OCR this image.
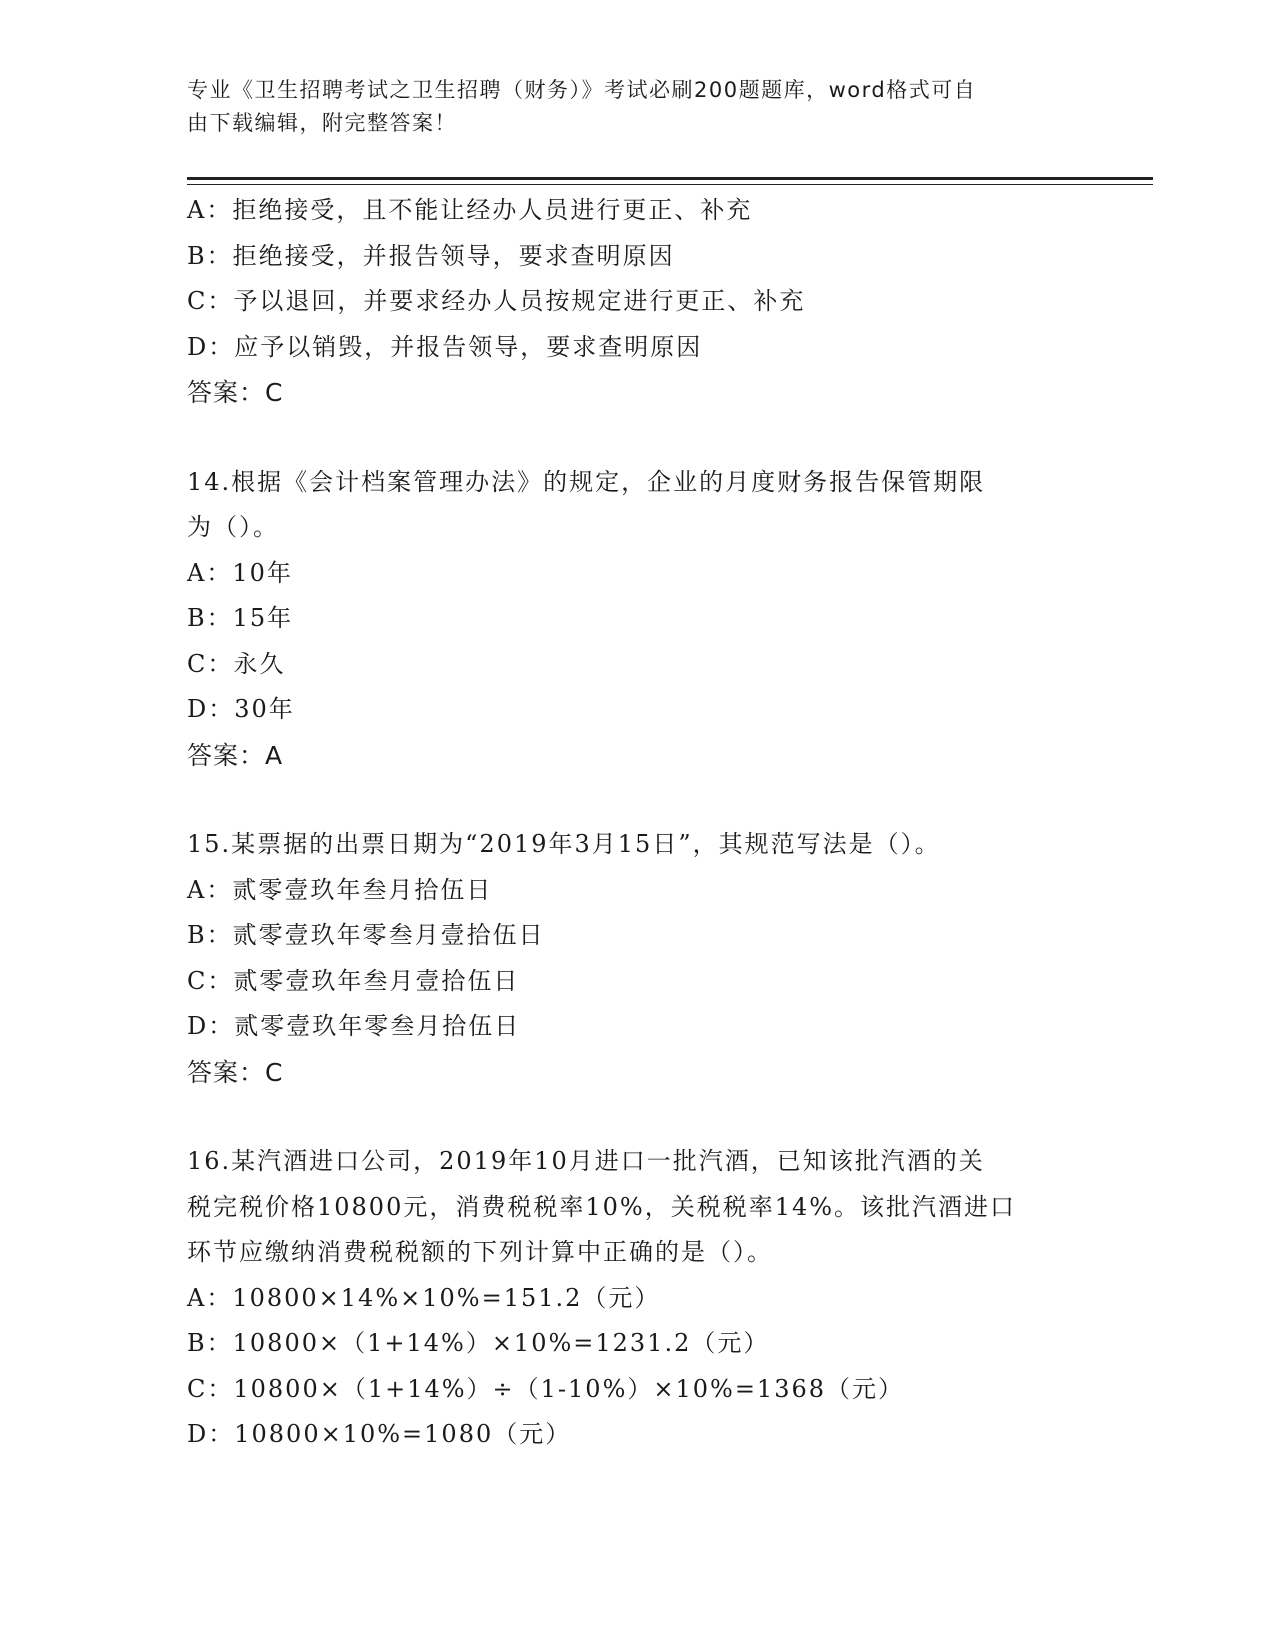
专业《卫生招聘考试之卫生招聘（财务）》考试必刷200题题库，word格式可自
由下载编辑，附完整答案！
A：拒绝接受，且不能让经办人员进行更正、补充
B：拒绝接受，并报告领导，要求查明原因
C：予以退回，并要求经办人员按规定进行更正、补充
D：应予以销毁，并报告领导，要求查明原因
答案：C
14.根据《会计档案管理办法》的规定，企业的月度财务报告保管期限
为（）。
A：10年
B：15年
C：永久
D：30年
答案：A
15.某票据的出票日期为“2019年3月15日”，其规范写法是（）。
A：贰零壹玖年叁月拾伍日
B：贰零壹玖年零叁月壹拾伍日
C：贰零壹玖年叁月壹拾伍日
D：贰零壹玖年零叁月拾伍日
答案：C
16.某汽酒进口公司，2019年10月进口一批汽酒，已知该批汽酒的关
税完税价格10800元，消费税税率10%，关税税率14%。该批汽酒进口
环节应缴纳消费税税额的下列计算中正确的是（）。
A：10800×14%×10%=151.2（元）
B：10800×（1+14%）×10%=1231.2（元）
C：10800×（1+14%）÷（1-10%）×10%=1368（元）
D：10800×10%=1080（元）
